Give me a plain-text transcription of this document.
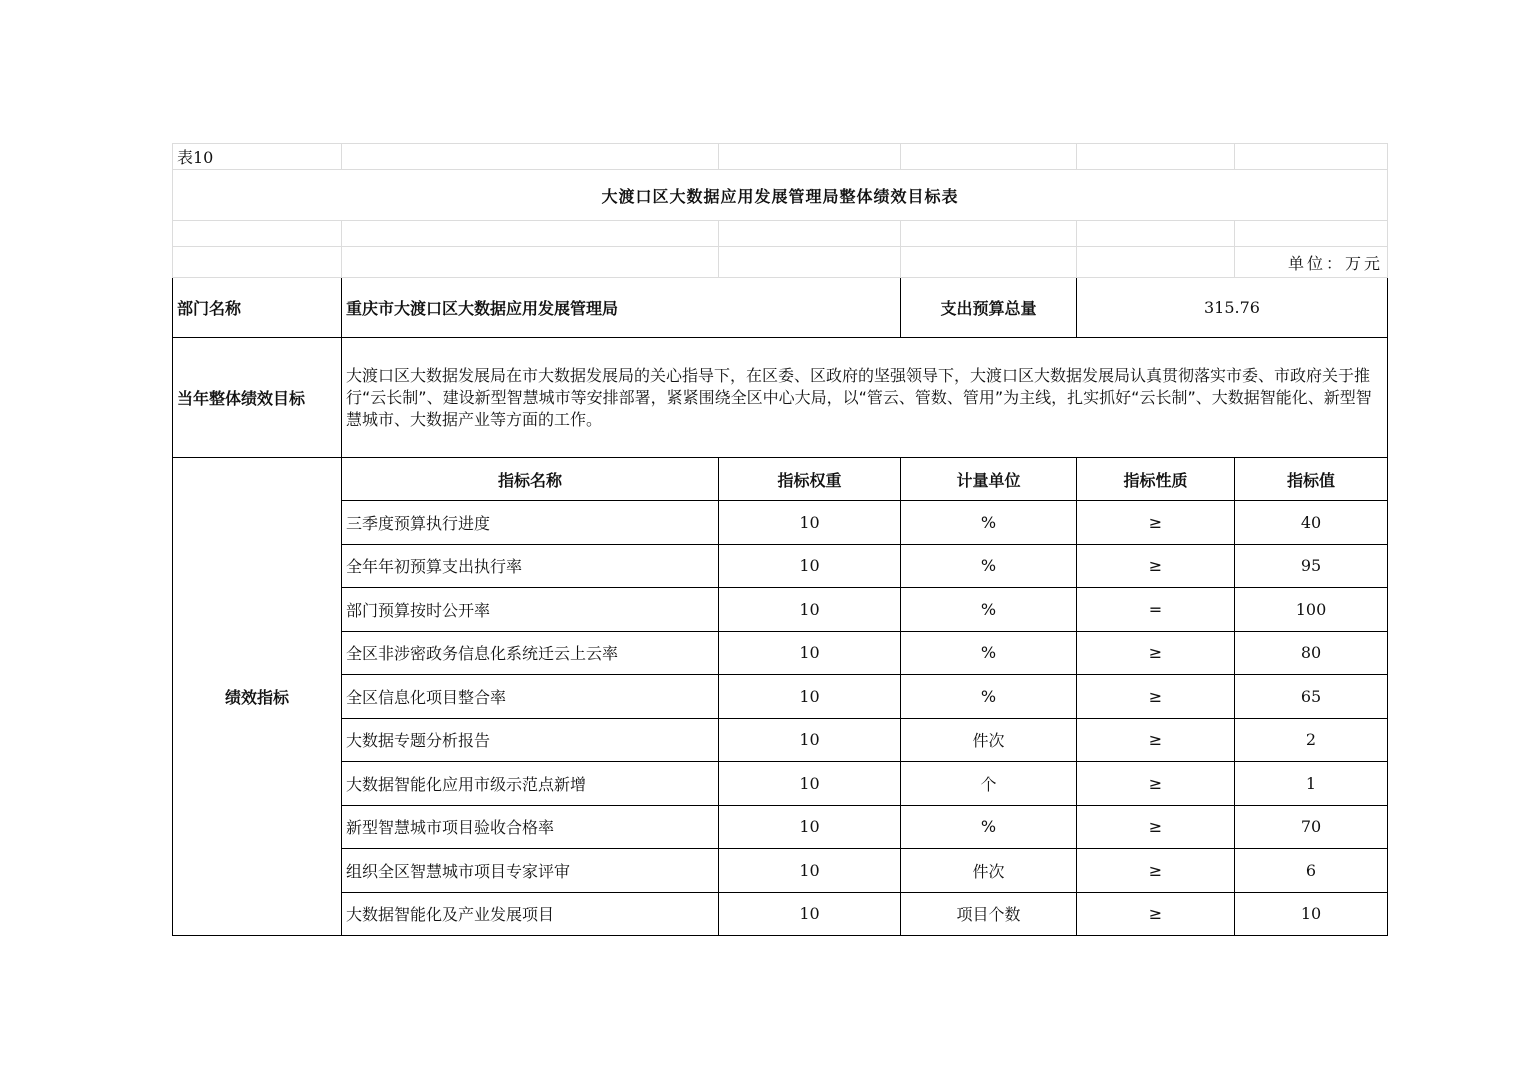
表10					
大渡口区大数据应用发展管理局整体绩效目标表					

					单位：万元
部门名称	重庆市大渡口区大数据应用发展管理局		支出预算总量	315.76	
当年整体绩效目标	大渡口区大数据发展局在市大数据发展局的关心指导下，在区委、区政府的坚强领导下，大渡口区大数据发展局认真贯彻落实市委、市政府关于推行“云长制”、建设新型智慧城市等安排部署，紧紧围绕全区中心大局，以“管云、管数、管用”为主线，扎实抓好“云长制”、大数据智能化、新型智慧城市、大数据产业等方面的工作。				
绩效指标	指标名称	指标权重	计量单位	指标性质	指标值
	三季度预算执行进度	10	%	≥	40
	全年年初预算支出执行率	10	%	≥	95
	部门预算按时公开率	10	%	=	100
	全区非涉密政务信息化系统迁云上云率	10	%	≥	80
	全区信息化项目整合率	10	%	≥	65
	大数据专题分析报告	10	件次	≥	2
	大数据智能化应用市级示范点新增	10	个	≥	1
	新型智慧城市项目验收合格率	10	%	≥	70
	组织全区智慧城市项目专家评审	10	件次	≥	6
	大数据智能化及产业发展项目	10	项目个数	≥	10
